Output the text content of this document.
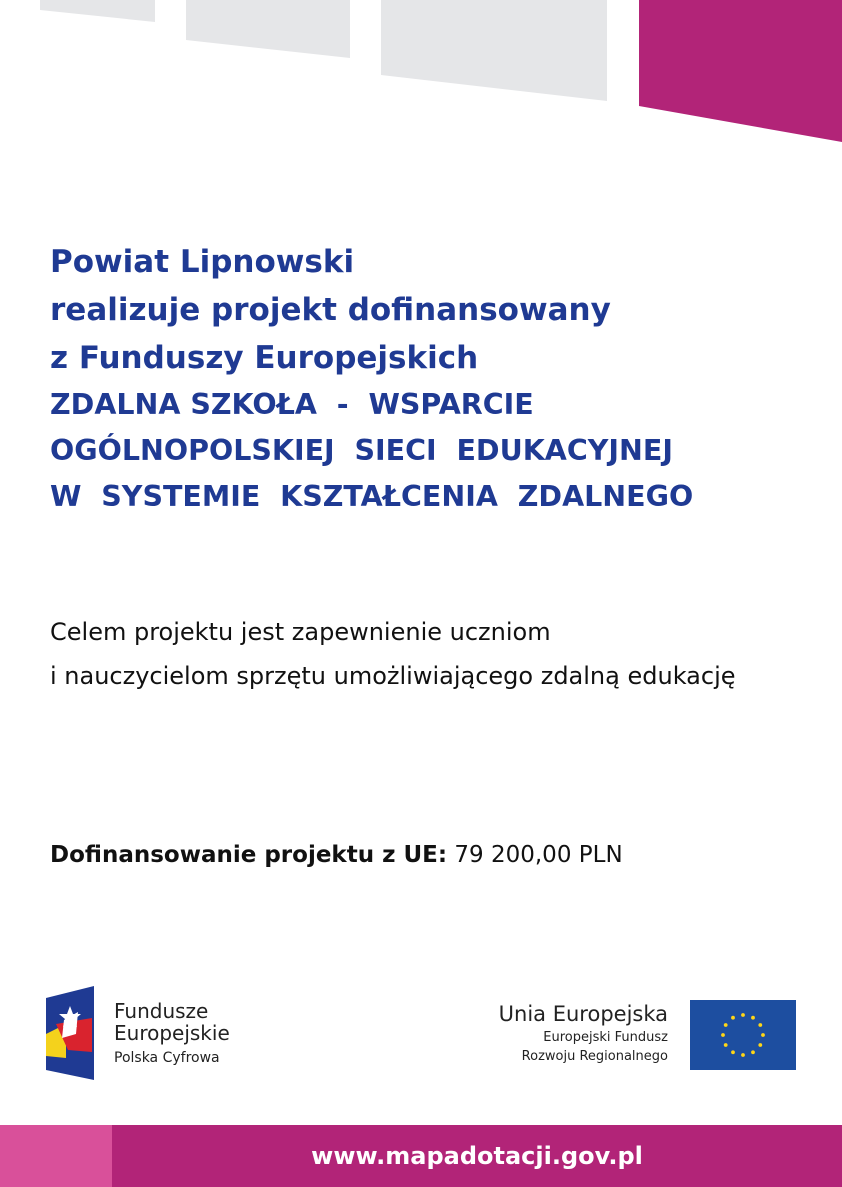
Powiat Lipnowski
realizuje projekt dofinansowany
z Funduszy Europejskich
ZDALNA SZKOŁA  -  WSPARCIE
OGÓLNOPOLSKIEJ  SIECI  EDUKACYJNEJ
W  SYSTEMIE  KSZTAŁCENIA  ZDALNEGO
Celem projektu jest zapewnienie uczniom
i nauczycielom sprzętu umożliwiającego zdalną edukację
Dofinansowanie projektu z UE: 79 200,00 PLN
Fundusze
Europejskie
Polska Cyfrowa
Unia Europejska
Europejski Fundusz
Rozwoju Regionalnego
www.mapadotacji.gov.pl
